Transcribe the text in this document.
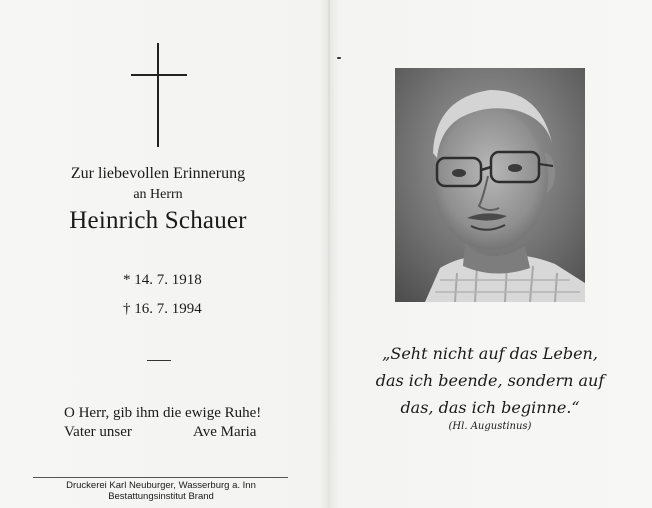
Zur liebevollen Erinnerung
an Herrn
Heinrich Schauer
* 14. 7. 1918
† 16. 7. 1994
O Herr, gib ihm die ewige Ruhe!
Vater unser	Ave Maria
Druckerei Karl Neuburger, Wasserburg a. Inn
Bestattungsinstitut Brand
„Seht nicht auf das Leben,
das ich beende, sondern auf
das, das ich beginne.“
(Hl. Augustinus)
